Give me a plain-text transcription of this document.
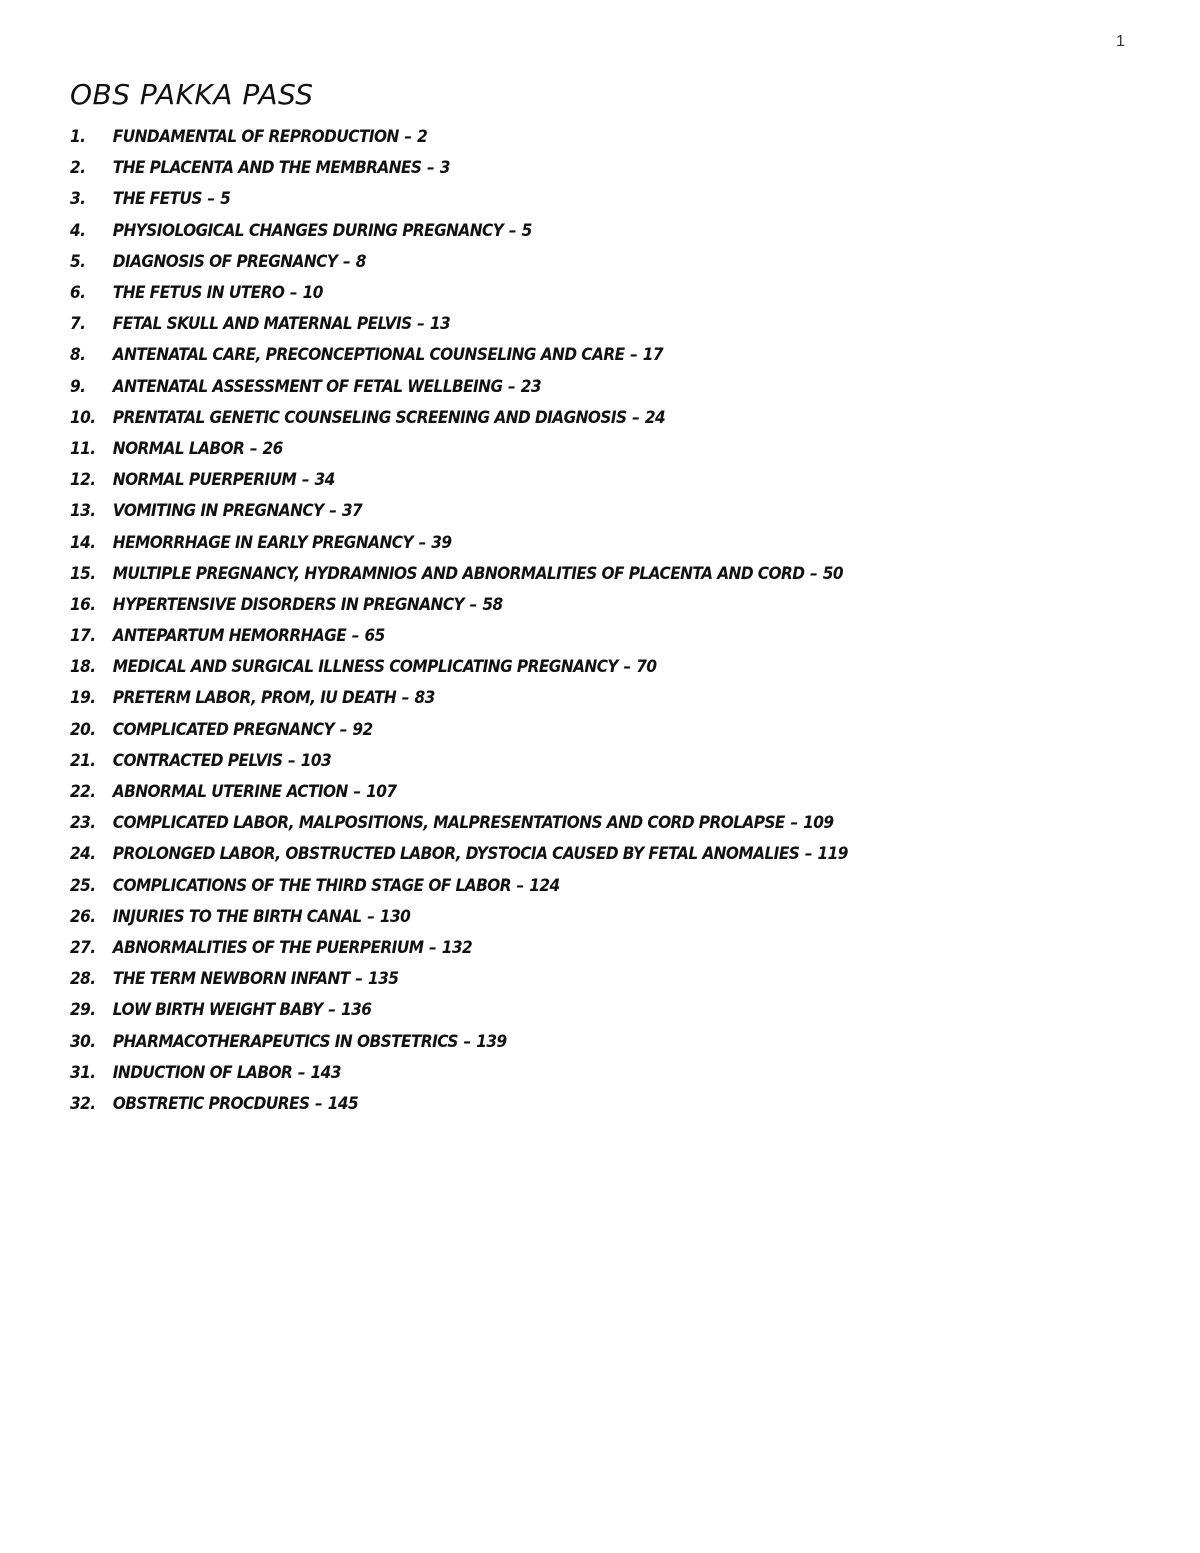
1
OBS PAKKA PASS
1.	FUNDAMENTAL OF REPRODUCTION – 2
2.	THE PLACENTA AND THE MEMBRANES – 3
3.	THE FETUS – 5
4.	PHYSIOLOGICAL CHANGES DURING PREGNANCY – 5
5.	DIAGNOSIS OF PREGNANCY – 8
6.	THE FETUS IN UTERO – 10
7.	FETAL SKULL AND MATERNAL PELVIS – 13
8.	ANTENATAL CARE, PRECONCEPTIONAL COUNSELING AND CARE – 17
9.	ANTENATAL ASSESSMENT OF FETAL WELLBEING – 23
10.	PRENTATAL GENETIC COUNSELING SCREENING AND DIAGNOSIS – 24
11.	NORMAL LABOR – 26
12.	NORMAL PUERPERIUM – 34
13.	VOMITING IN PREGNANCY – 37
14.	HEMORRHAGE IN EARLY PREGNANCY – 39
15.	MULTIPLE PREGNANCY, HYDRAMNIOS AND ABNORMALITIES OF PLACENTA AND CORD – 50
16.	HYPERTENSIVE DISORDERS IN PREGNANCY – 58
17.	ANTEPARTUM HEMORRHAGE – 65
18.	MEDICAL AND SURGICAL ILLNESS COMPLICATING PREGNANCY – 70
19.	PRETERM LABOR, PROM, IU DEATH – 83
20.	COMPLICATED PREGNANCY – 92
21.	CONTRACTED PELVIS – 103
22.	ABNORMAL UTERINE ACTION – 107
23.	COMPLICATED LABOR, MALPOSITIONS, MALPRESENTATIONS AND CORD PROLAPSE – 109
24.	PROLONGED LABOR, OBSTRUCTED LABOR, DYSTOCIA CAUSED BY FETAL ANOMALIES – 119
25.	COMPLICATIONS OF THE THIRD STAGE OF LABOR – 124
26.	INJURIES TO THE BIRTH CANAL – 130
27.	ABNORMALITIES OF THE PUERPERIUM – 132
28.	THE TERM NEWBORN INFANT – 135
29.	LOW BIRTH WEIGHT BABY – 136
30.	PHARMACOTHERAPEUTICS IN OBSTETRICS – 139
31.	INDUCTION OF LABOR – 143
32.	OBSTRETIC PROCDURES – 145
